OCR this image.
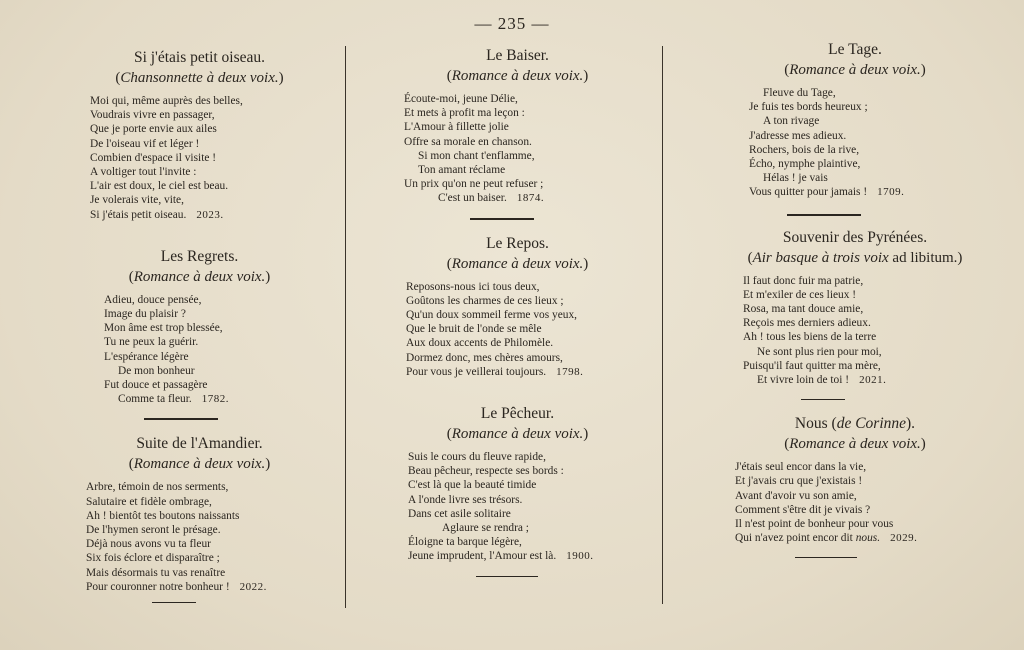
— 235 —

Si j'étais petit oiseau.

(Chansonnette à deux voix.)

Moi qui, même auprès des belles,
Voudrais vivre en passager,
Que je porte envie aux ailes
De l'oiseau vif et léger !
Combien d'espace il visite !
A voltiger tout l'invite :
L'air est doux, le ciel est beau.
Je volerais vite, vite,
Si j'étais petit oiseau. 2023.

Les Regrets.

(Romance à deux voix.)

Adieu, douce pensée,
Image du plaisir ?
Mon âme est trop blessée,
Tu ne peux la guérir.
L'espérance légère
De mon bonheur
Fut douce et passagère
Comme ta fleur. 1782.

Suite de l'Amandier.

(Romance à deux voix.)

Arbre, témoin de nos serments,
Salutaire et fidèle ombrage,
Ah ! bientôt tes boutons naissants
De l'hymen seront le présage.
Déjà nous avons vu ta fleur
Six fois éclore et disparaître ;
Mais désormais tu vas renaître
Pour couronner notre bonheur ! 2022.

Le Baiser.

(Romance à deux voix.)

Écoute-moi, jeune Délie,
Et mets à profit ma leçon :
L'Amour à fillette jolie
Offre sa morale en chanson.
Si mon chant t'enflamme,
Ton amant réclame
Un prix qu'on ne peut refuser ;
C'est un baiser. 1874.

Le Repos.

(Romance à deux voix.)

Reposons-nous ici tous deux,
Goûtons les charmes de ces lieux ;
Qu'un doux sommeil ferme vos yeux,
Que le bruit de l'onde se mêle
Aux doux accents de Philomèle.
Dormez donc, mes chères amours,
Pour vous je veillerai toujours. 1798.

Le Pêcheur.

(Romance à deux voix.)

Suis le cours du fleuve rapide,
Beau pêcheur, respecte ses bords :
C'est là que la beauté timide
A l'onde livre ses trésors.
Dans cet asile solitaire
Aglaure se rendra ;
Éloigne ta barque légère,
Jeune imprudent, l'Amour est là. 1900.

Le Tage.

(Romance à deux voix.)

Fleuve du Tage,
Je fuis tes bords heureux ;
A ton rivage
J'adresse mes adieux.
Rochers, bois de la rive,
Écho, nymphe plaintive,
Hélas ! je vais
Vous quitter pour jamais ! 1709.

Souvenir des Pyrénées.

(Air basque à trois voix ad libitum.)

Il faut donc fuir ma patrie,
Et m'exiler de ces lieux !
Rosa, ma tant douce amie,
Reçois mes derniers adieux.
Ah ! tous les biens de la terre
Ne sont plus rien pour moi,
Puisqu'il faut quitter ma mère,
Et vivre loin de toi ! 2021.

Nous (de Corinne).

(Romance à deux voix.)

J'étais seul encor dans la vie,
Et j'avais cru que j'existais !
Avant d'avoir vu son amie,
Comment s'être dit je vivais ?
Il n'est point de bonheur pour vous
Qui n'avez point encor dit nous. 2029.
